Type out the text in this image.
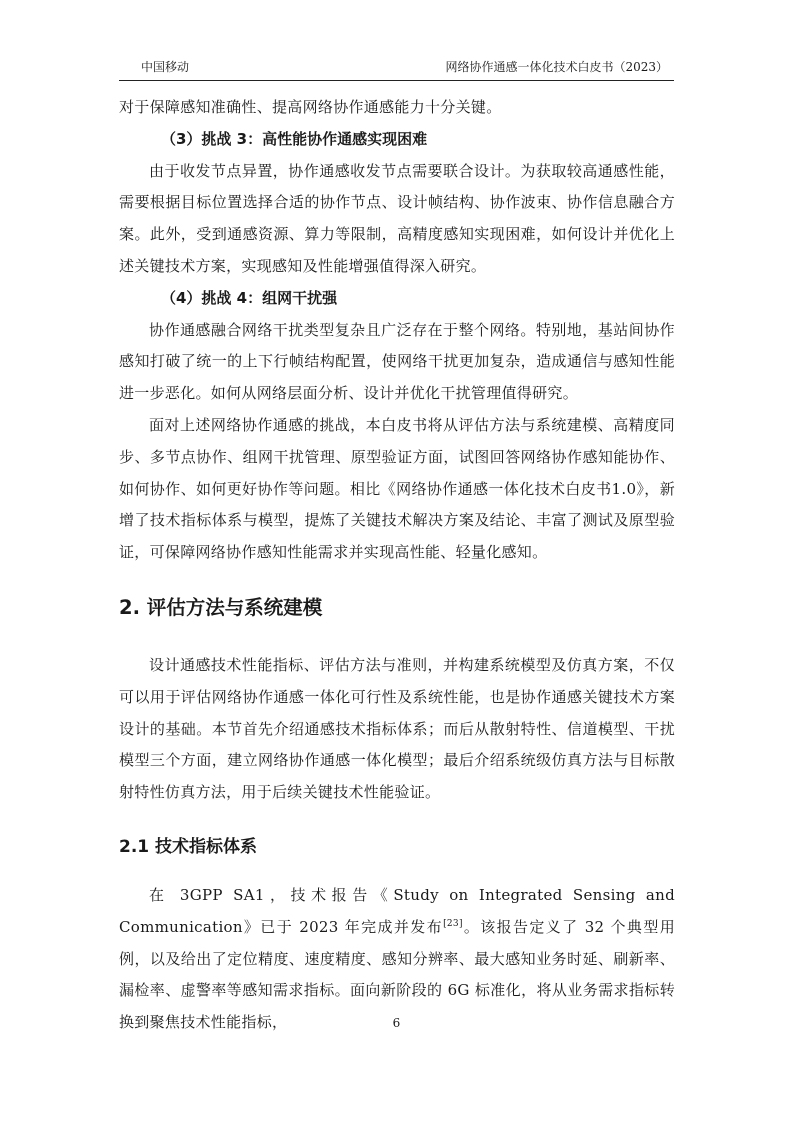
中国移动	网络协作通感一体化技术白皮书（2023）

对于保障感知准确性、提高网络协作通感能力十分关键。

（3）挑战 3：高性能协作通感实现困难

由于收发节点异置，协作通感收发节点需要联合设计。为获取较高通感性能，需要根据目标位置选择合适的协作节点、设计帧结构、协作波束、协作信息融合方案。此外，受到通感资源、算力等限制，高精度感知实现困难，如何设计并优化上述关键技术方案，实现感知及性能增强值得深入研究。

（4）挑战 4：组网干扰强

协作通感融合网络干扰类型复杂且广泛存在于整个网络。特别地，基站间协作感知打破了统一的上下行帧结构配置，使网络干扰更加复杂，造成通信与感知性能进一步恶化。如何从网络层面分析、设计并优化干扰管理值得研究。

面对上述网络协作通感的挑战，本白皮书将从评估方法与系统建模、高精度同步、多节点协作、组网干扰管理、原型验证方面，试图回答网络协作感知能协作、如何协作、如何更好协作等问题。相比《网络协作通感一体化技术白皮书1.0》，新增了技术指标体系与模型，提炼了关键技术解决方案及结论、丰富了测试及原型验证，可保障网络协作感知性能需求并实现高性能、轻量化感知。

2. 评估方法与系统建模

设计通感技术性能指标、评估方法与准则，并构建系统模型及仿真方案，不仅可以用于评估网络协作通感一体化可行性及系统性能，也是协作通感关键技术方案设计的基础。本节首先介绍通感技术指标体系；而后从散射特性、信道模型、干扰模型三个方面，建立网络协作通感一体化模型；最后介绍系统级仿真方法与目标散射特性仿真方法，用于后续关键技术性能验证。

2.1 技术指标体系

在 3GPP SA1，技术报告《Study on Integrated Sensing and Communication》已于 2023 年完成并发布[23]。该报告定义了 32 个典型用例，以及给出了定位精度、速度精度、感知分辨率、最大感知业务时延、刷新率、漏检率、虚警率等感知需求指标。面向新阶段的 6G 标准化，将从业务需求指标转换到聚焦技术性能指标，	6
